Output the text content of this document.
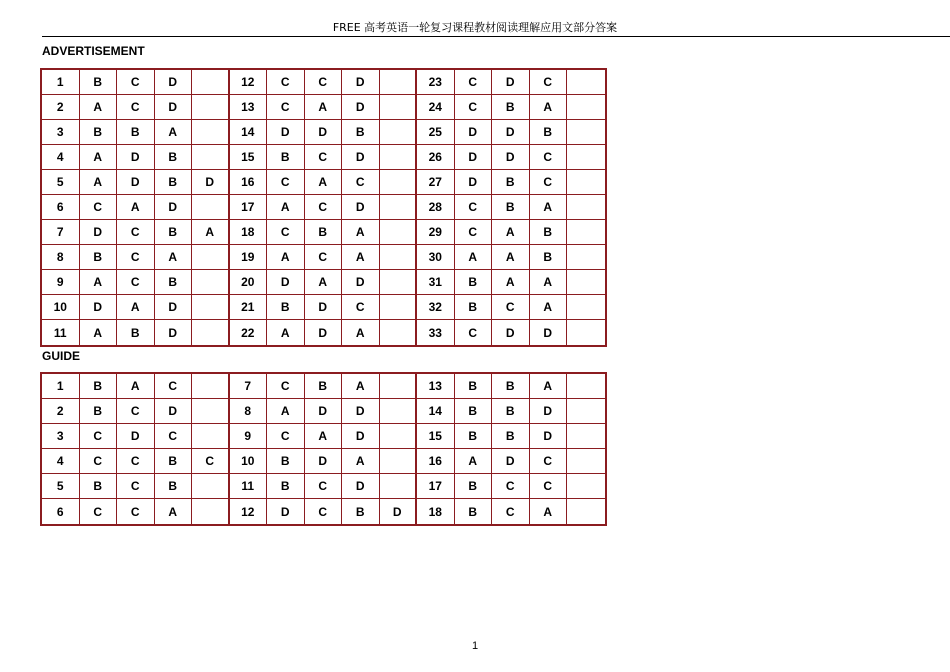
FREE 高考英语一轮复习课程教材阅读理解应用文部分答案
ADVERTISEMENT
1	B	C	D		12	C	C	D		23	C	D	C	
2	A	C	D		13	C	A	D		24	C	B	A	
3	B	B	A		14	D	D	B		25	D	D	B	
4	A	D	B		15	B	C	D		26	D	D	C	
5	A	D	B	D	16	C	A	C		27	D	B	C	
6	C	A	D		17	A	C	D		28	C	B	A	
7	D	C	B	A	18	C	B	A		29	C	A	B	
8	B	C	A		19	A	C	A		30	A	A	B	
9	A	C	B		20	D	A	D		31	B	A	A	
10	D	A	D		21	B	D	C		32	B	C	A	
11	A	B	D		22	A	D	A		33	C	D	D	
GUIDE
1	B	A	C		7	C	B	A		13	B	B	A	
2	B	C	D		8	A	D	D		14	B	B	D	
3	C	D	C		9	C	A	D		15	B	B	D	
4	C	C	B	C	10	B	D	A		16	A	D	C	
5	B	C	B		11	B	C	D		17	B	C	C	
6	C	C	A		12	D	C	B	D	18	B	C	A	
1
